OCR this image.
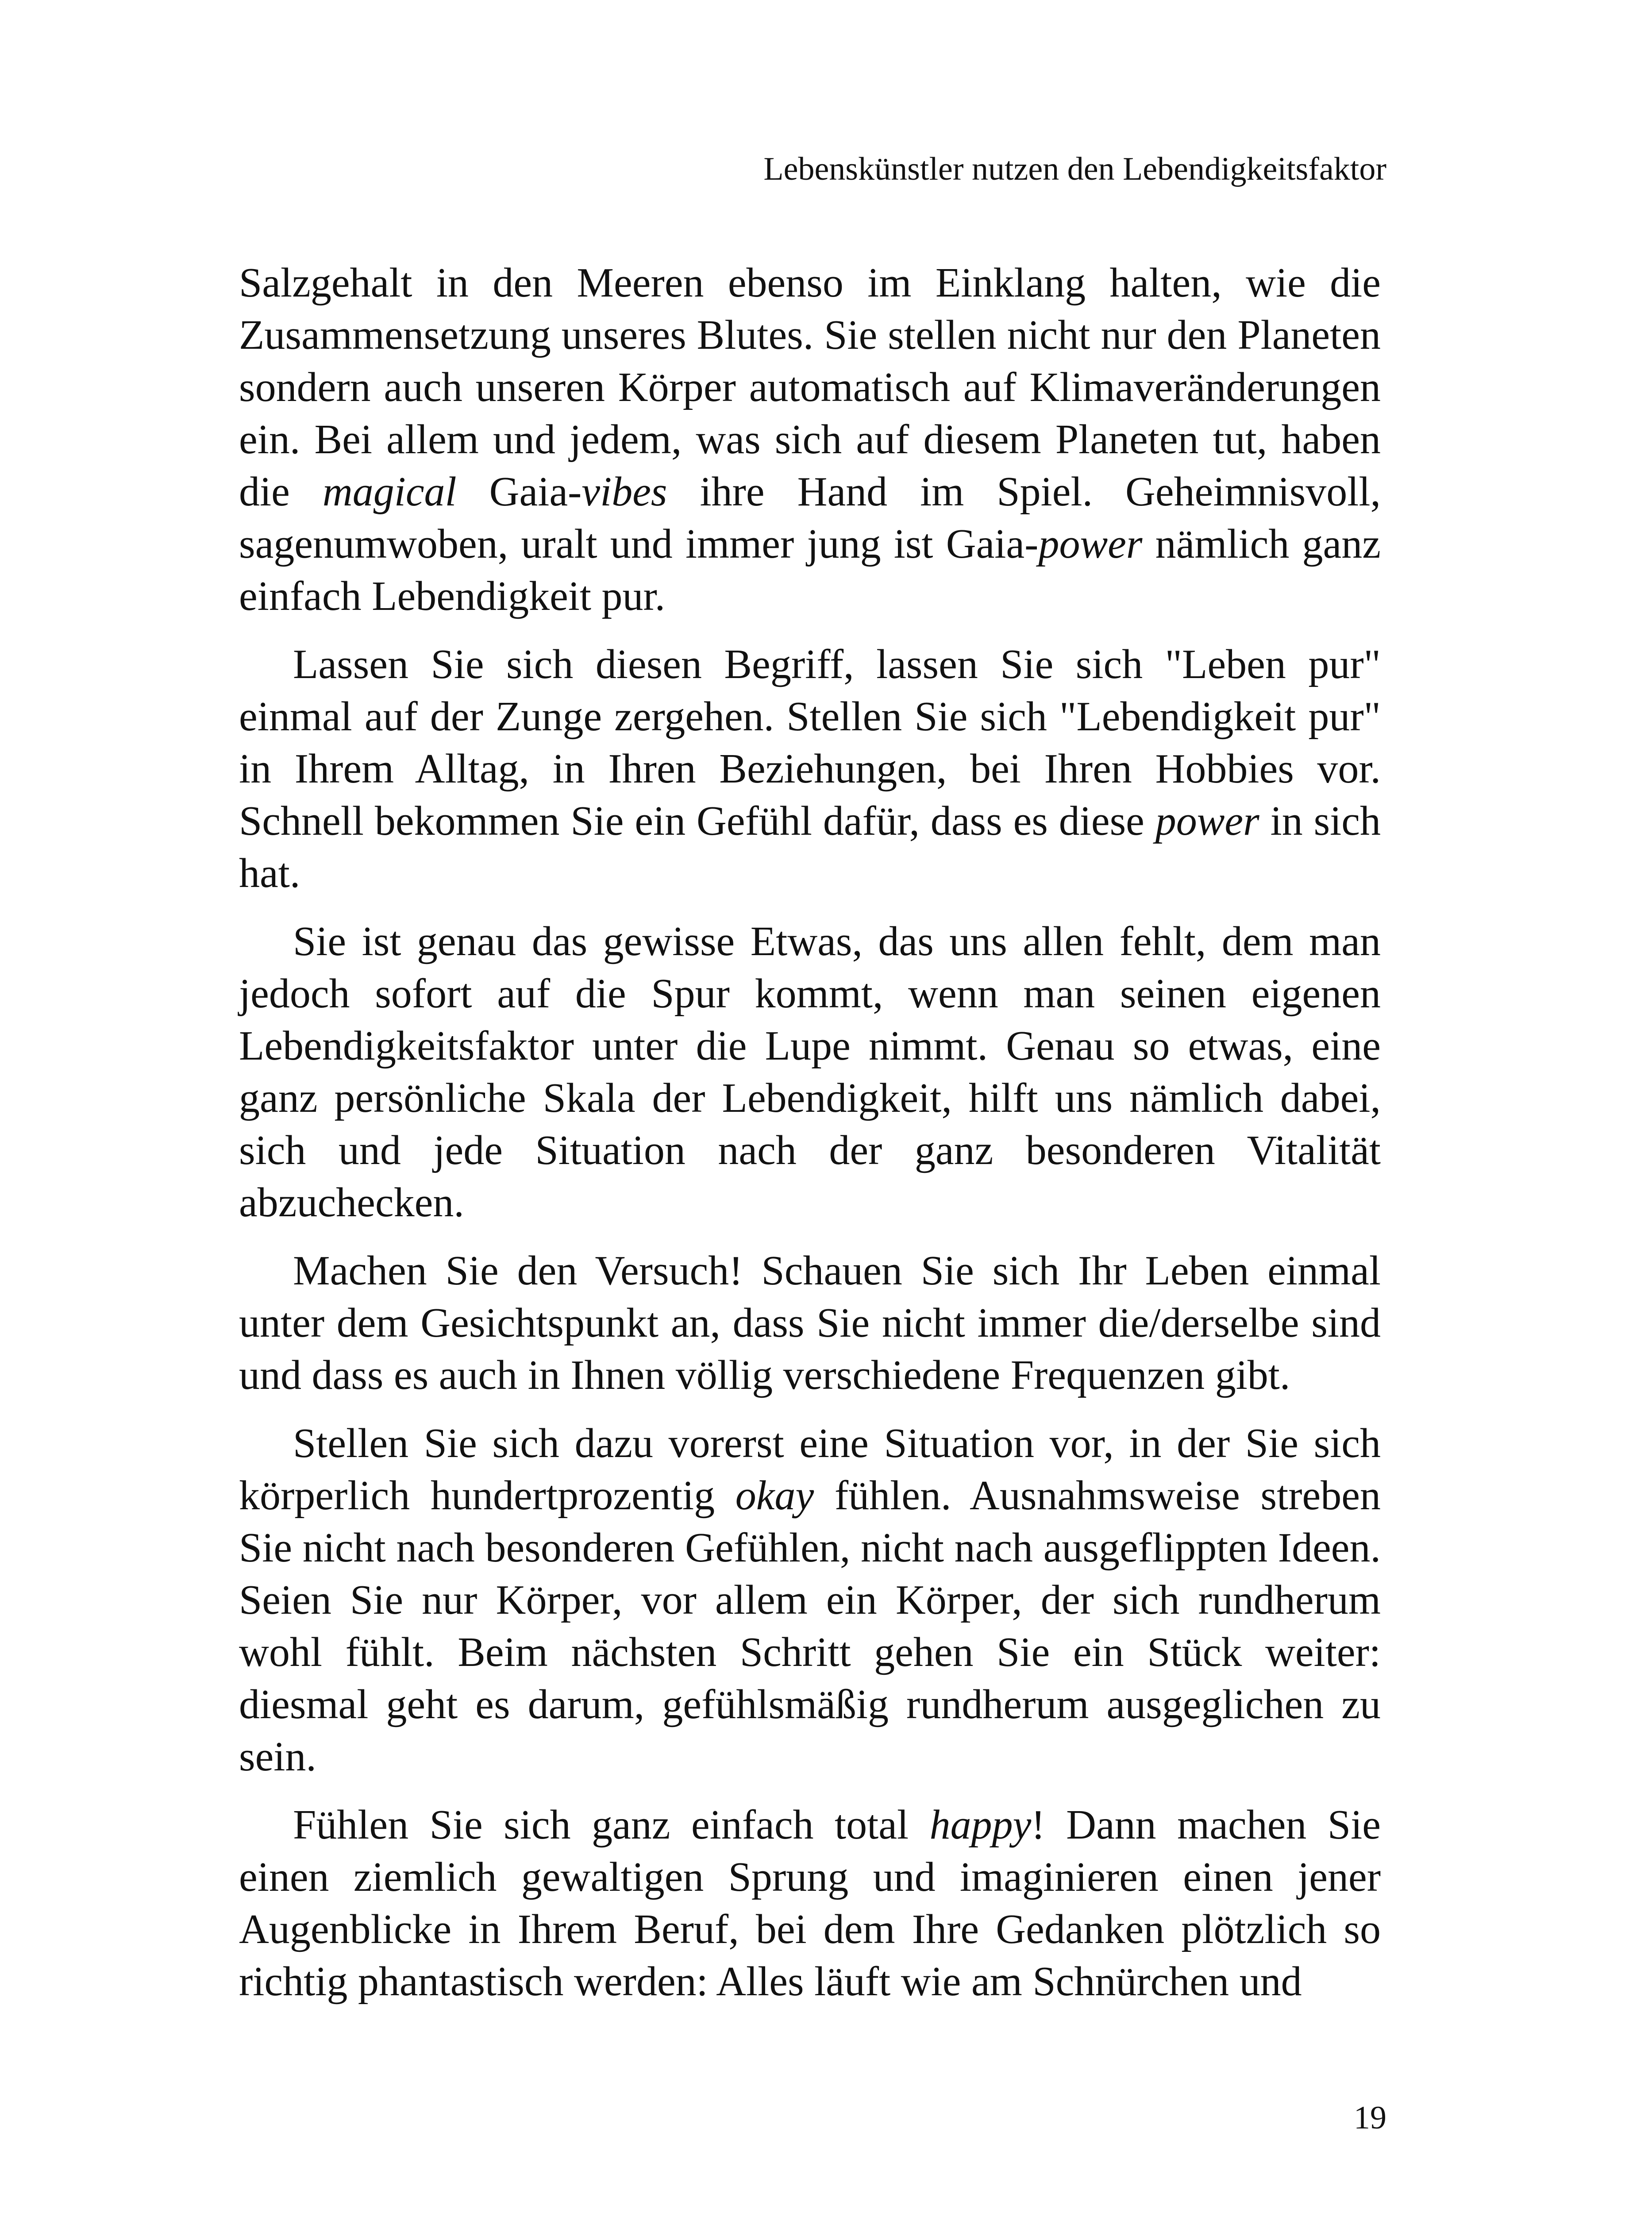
Lebenskünstler nutzen den Lebendigkeitsfaktor

Salzgehalt in den Meeren ebenso im Einklang halten, wie die Zusammensetzung unseres Blutes. Sie stellen nicht nur den Planeten sondern auch unseren Körper automatisch auf Klimaveränderungen ein. Bei allem und jedem, was sich auf diesem Planeten tut, haben die magical Gaia-vibes ihre Hand im Spiel. Geheimnisvoll, sagenumwoben, uralt und immer jung ist Gaia-power nämlich ganz einfach Lebendigkeit pur.

Lassen Sie sich diesen Begriff, lassen Sie sich "Leben pur" einmal auf der Zunge zergehen. Stellen Sie sich "Lebendigkeit pur" in Ihrem Alltag, in Ihren Beziehungen, bei Ihren Hobbies vor. Schnell bekommen Sie ein Gefühl dafür, dass es diese power in sich hat.

Sie ist genau das gewisse Etwas, das uns allen fehlt, dem man jedoch sofort auf die Spur kommt, wenn man seinen eigenen Lebendigkeitsfaktor unter die Lupe nimmt. Genau so etwas, eine ganz persönliche Skala der Lebendigkeit, hilft uns nämlich dabei, sich und jede Situation nach der ganz besonderen Vitalität abzuchecken.

Machen Sie den Versuch! Schauen Sie sich Ihr Leben einmal unter dem Gesichtspunkt an, dass Sie nicht immer die/derselbe sind und dass es auch in Ihnen völlig verschiedene Frequenzen gibt.

Stellen Sie sich dazu vorerst eine Situation vor, in der Sie sich körperlich hundertprozentig okay fühlen. Ausnahmsweise streben Sie nicht nach besonderen Gefühlen, nicht nach ausgeflippten Ideen. Seien Sie nur Körper, vor allem ein Körper, der sich rundherum wohl fühlt. Beim nächsten Schritt gehen Sie ein Stück weiter: diesmal geht es darum, gefühlsmäßig rundherum ausgeglichen zu sein.

Fühlen Sie sich ganz einfach total happy! Dann machen Sie einen ziemlich gewaltigen Sprung und imaginieren einen jener Augenblicke in Ihrem Beruf, bei dem Ihre Gedanken plötzlich so richtig phantastisch werden: Alles läuft wie am Schnürchen und

19
